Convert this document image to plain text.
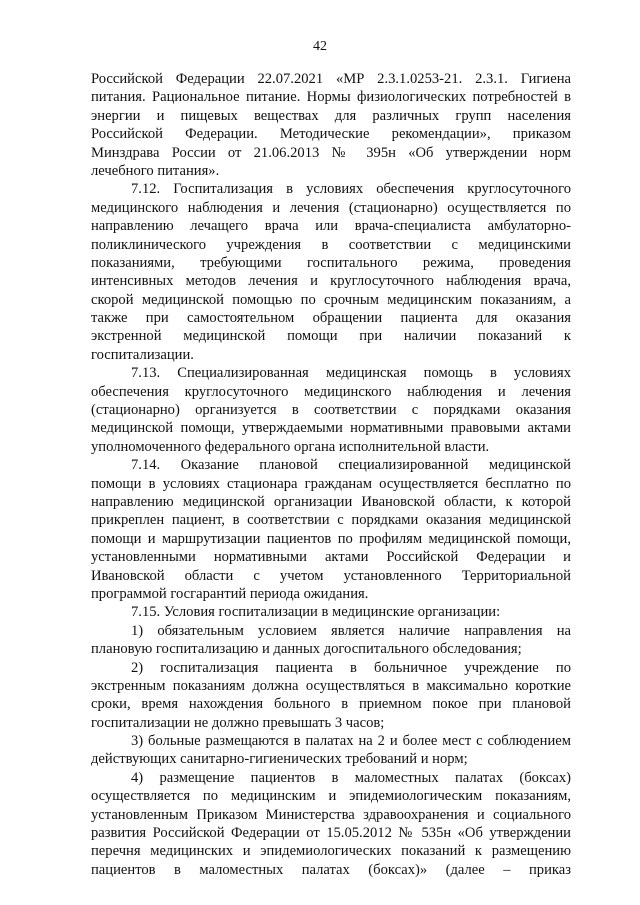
42
Российской Федерации 22.07.2021 «МР 2.3.1.0253-21. 2.3.1. Гигиена
питания. Рациональное питание. Нормы физиологических потребностей в
энергии и пищевых веществах для различных групп населения
Российской Федерации. Методические рекомендации», приказом
Минздрава России от 21.06.2013 № 395н «Об утверждении норм
лечебного питания».
7.12. Госпитализация в условиях обеспечения круглосуточного
медицинского наблюдения и лечения (стационарно) осуществляется по
направлению лечащего врача или врача-специалиста амбулаторно-
поликлинического учреждения в соответствии с медицинскими
показаниями, требующими госпитального режима, проведения
интенсивных методов лечения и круглосуточного наблюдения врача,
скорой медицинской помощью по срочным медицинским показаниям, а
также при самостоятельном обращении пациента для оказания
экстренной медицинской помощи при наличии показаний к
госпитализации.
7.13. Специализированная медицинская помощь в условиях
обеспечения круглосуточного медицинского наблюдения и лечения
(стационарно) организуется в соответствии с порядками оказания
медицинской помощи, утверждаемыми нормативными правовыми актами
уполномоченного федерального органа исполнительной власти.
7.14. Оказание плановой специализированной медицинской
помощи в условиях стационара гражданам осуществляется бесплатно по
направлению медицинской организации Ивановской области, к которой
прикреплен пациент, в соответствии с порядками оказания медицинской
помощи и маршрутизации пациентов по профилям медицинской помощи,
установленными нормативными актами Российской Федерации и
Ивановской области с учетом установленного Территориальной
программой госгарантий периода ожидания.
7.15. Условия госпитализации в медицинские организации:
1) обязательным условием является наличие направления на
плановую госпитализацию и данных догоспитального обследования;
2) госпитализация пациента в больничное учреждение по
экстренным показаниям должна осуществляться в максимально короткие
сроки, время нахождения больного в приемном покое при плановой
госпитализации не должно превышать 3 часов;
3) больные размещаются в палатах на 2 и более мест с соблюдением
действующих санитарно-гигиенических требований и норм;
4) размещение пациентов в маломестных палатах (боксах)
осуществляется по медицинским и эпидемиологическим показаниям,
установленным Приказом Министерства здравоохранения и социального
развития Российской Федерации от 15.05.2012 № 535н «Об утверждении
перечня медицинских и эпидемиологических показаний к размещению
пациентов в маломестных палатах (боксах)» (далее – приказ
